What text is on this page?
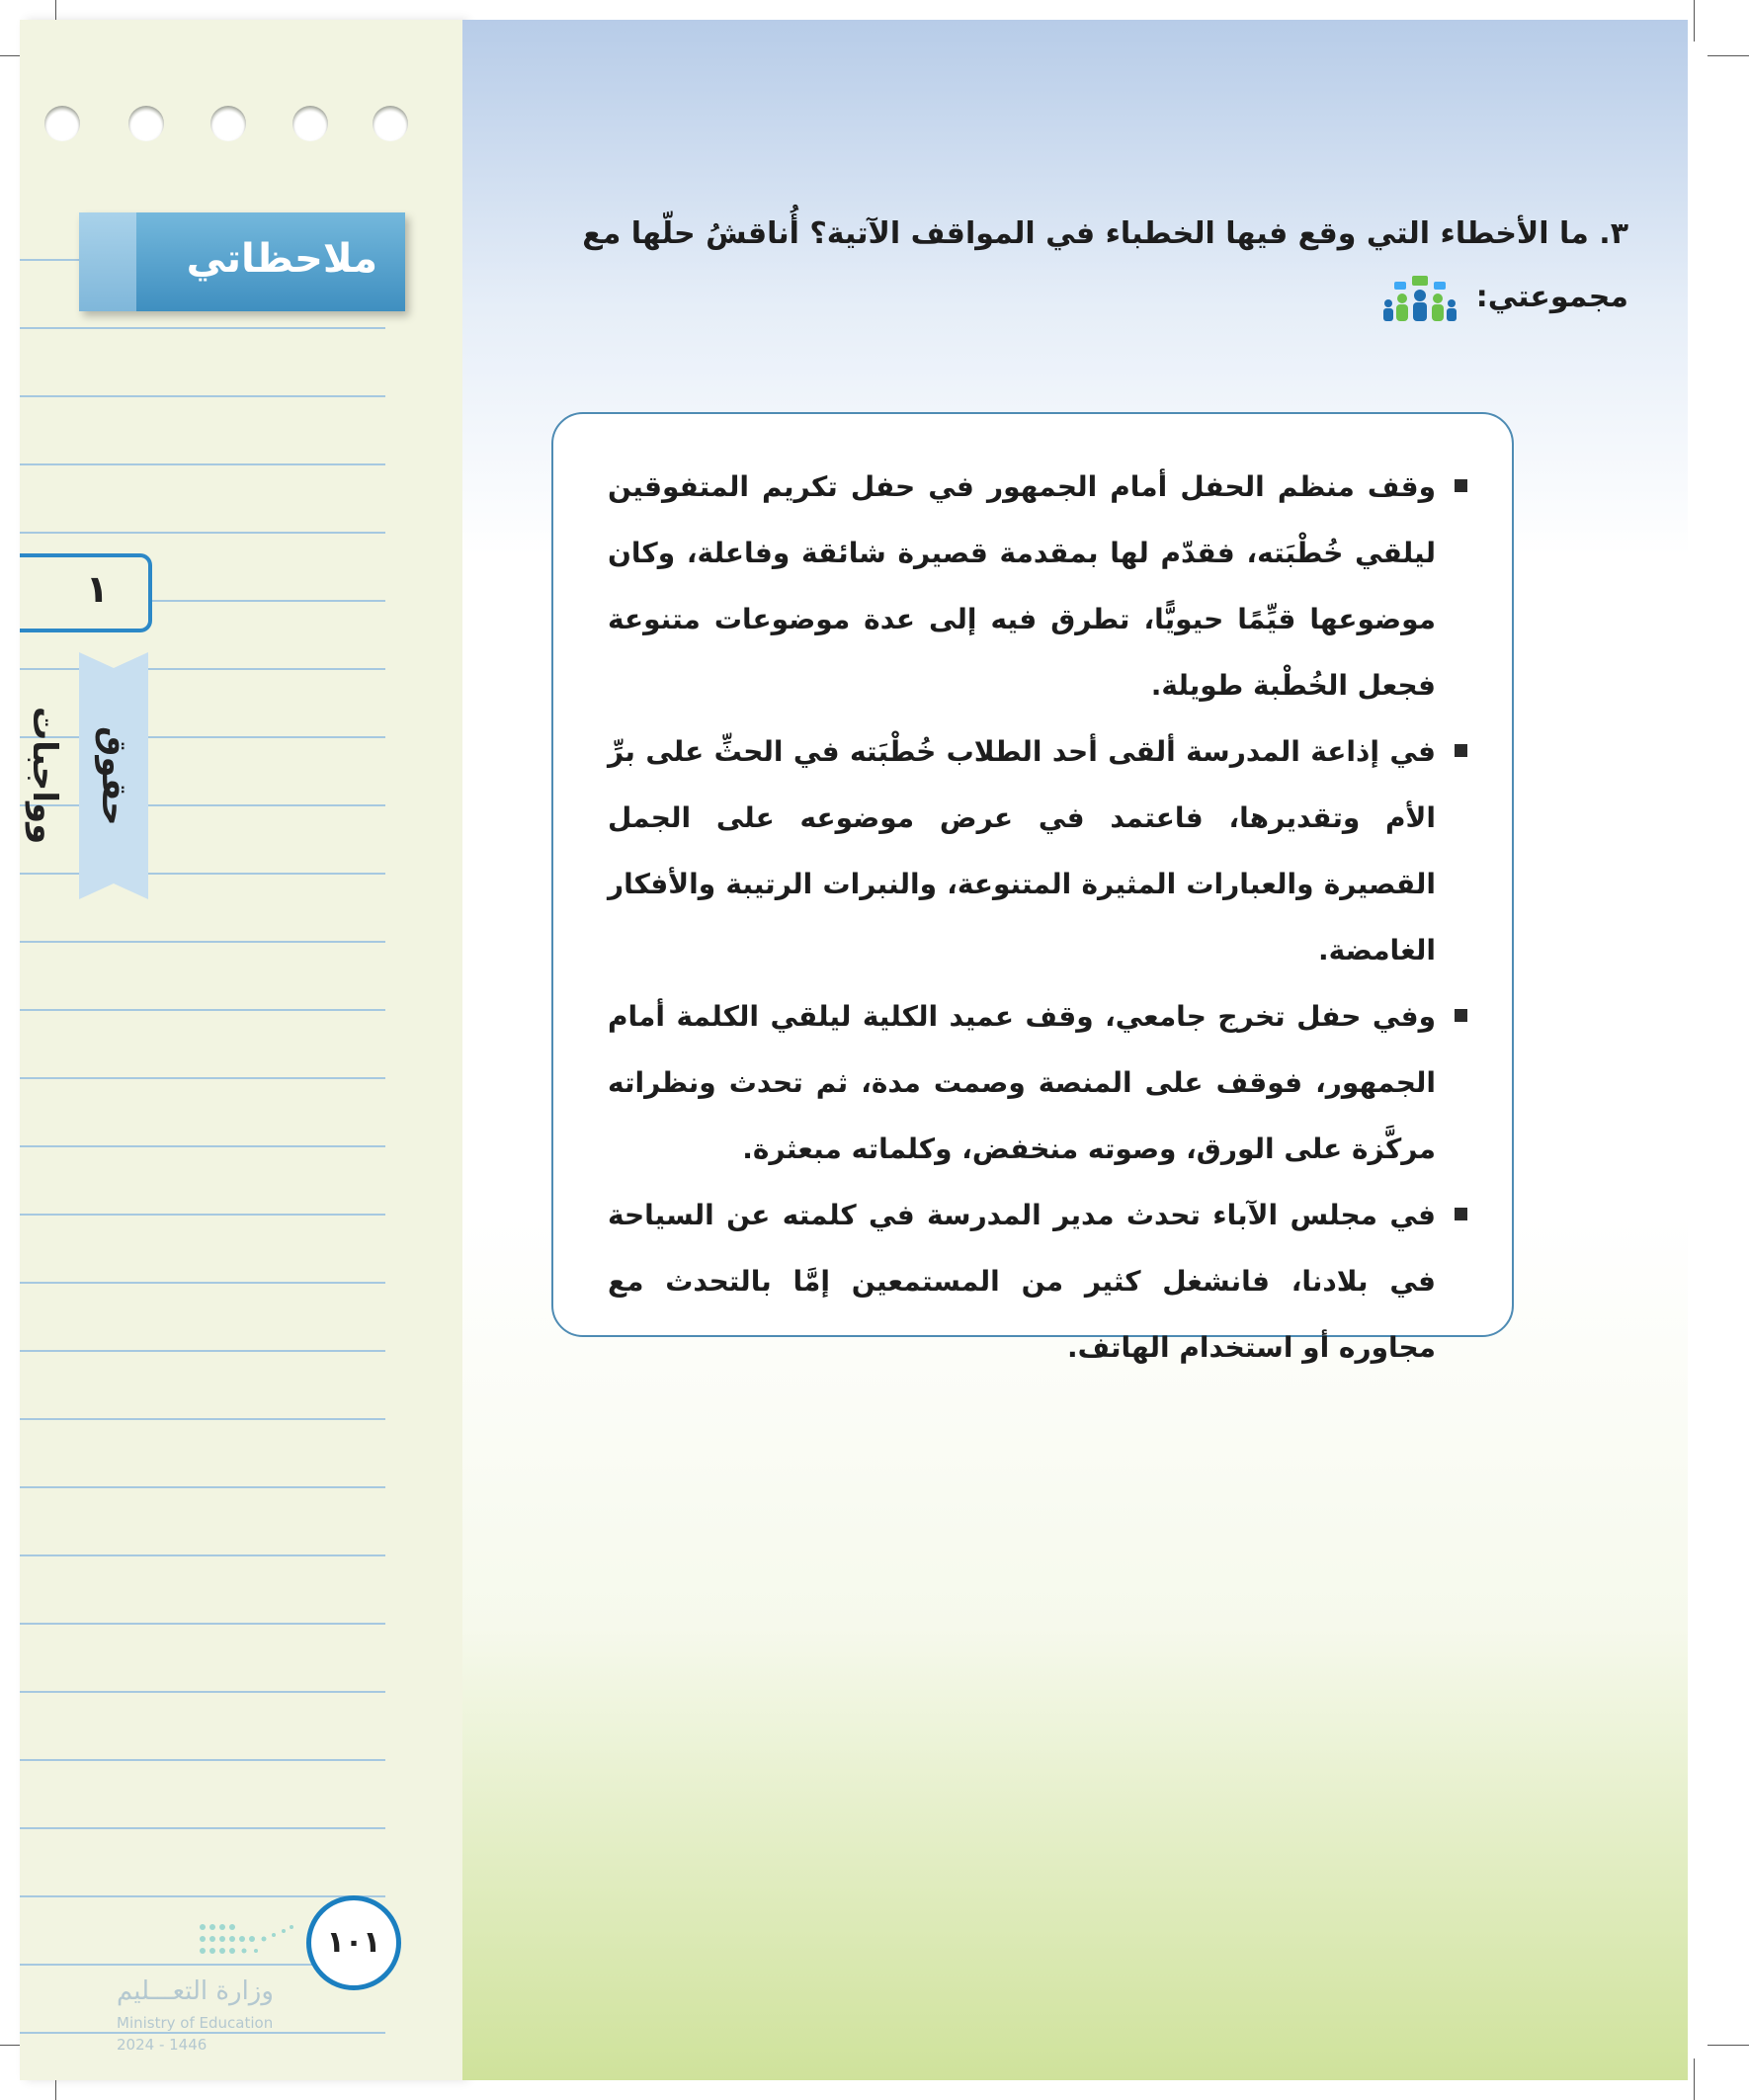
ملاحظاتي
١
حقوق وواجبات
١٠١
وزارة التعـــليم
Ministry of Education
2024 - 1446
٣. ما الأخطاء التي وقع فيها الخطباء في المواقف الآتية؟ أُناقشُ حلّها مع مجموعتي:
وقف منظم الحفل أمام الجمهور في حفل تكريم المتفوقين ليلقي خُطْبَته، فقدّم لها بمقدمة قصيرة شائقة وفاعلة، وكان موضوعها قيِّمًا حيويًّا، تطرق فيه إلى عدة موضوعات متنوعة فجعل الخُطْبة طويلة.
في إذاعة المدرسة ألقى أحد الطلاب خُطْبَته في الحثِّ على برِّ الأم وتقديرها، فاعتمد في عرض موضوعه على الجمل القصيرة والعبارات المثيرة المتنوعة، والنبرات الرتيبة والأفكار الغامضة.
وفي حفل تخرج جامعي، وقف عميد الكلية ليلقي الكلمة أمام الجمهور، فوقف على المنصة وصمت مدة، ثم تحدث ونظراته مركَّزة على الورق، وصوته منخفض، وكلماته مبعثرة.
في مجلس الآباء تحدث مدير المدرسة في كلمته عن السياحة في بلادنا، فانشغل كثير من المستمعين إمَّا بالتحدث مع مجاوره أو استخدام الهاتف.
